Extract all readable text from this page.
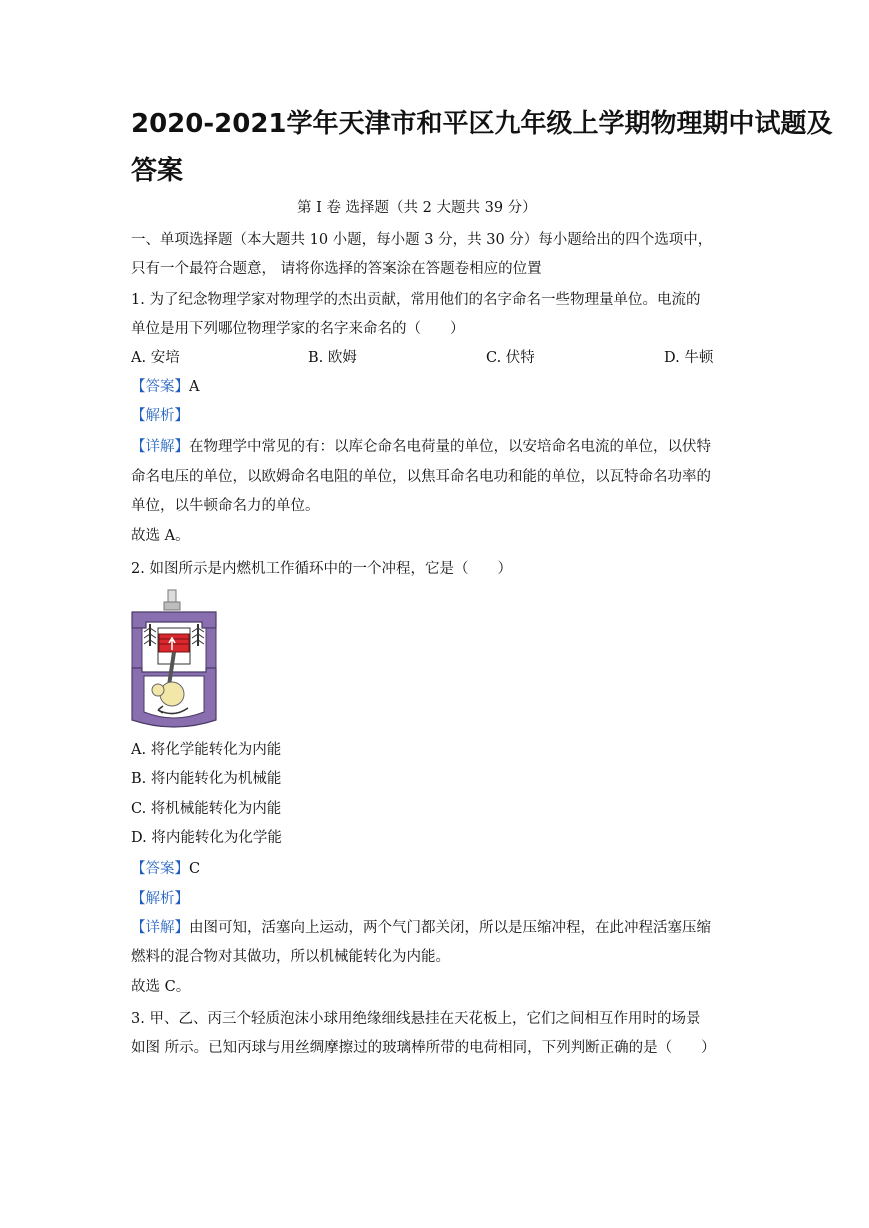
2020-2021学年天津市和平区九年级上学期物理期中试题及
答案
第 Ⅰ 卷 选择题（共 2 大题共 39 分）
一、单项选择题（本大题共 10 小题，每小题 3 分，共 30 分）每小题给出的四个选项中，
只有一个最符合题意， 请将你选择的答案涂在答题卷相应的位置
1. 为了纪念物理学家对物理学的杰出贡献，常用他们的名字命名一些物理量单位。电流的
单位是用下列哪位物理学家的名字来命名的（　　）
A. 安培	B. 欧姆	C. 伏特	D. 牛顿
【答案】A
【解析】
【详解】在物理学中常见的有：以库仑命名电荷量的单位，以安培命名电流的单位，以伏特
命名电压的单位，以欧姆命名电阻的单位，以焦耳命名电功和能的单位，以瓦特命名功率的
单位，以牛顿命名力的单位。
故选 A。
2. 如图所示是内燃机工作循环中的一个冲程，它是（　　）
A. 将化学能转化为内能
B. 将内能转化为机械能
C. 将机械能转化为内能
D. 将内能转化为化学能
【答案】C
【解析】
【详解】由图可知，活塞向上运动，两个气门都关闭，所以是压缩冲程，在此冲程活塞压缩
燃料的混合物对其做功，所以机械能转化为内能。
故选 C。
3. 甲、乙、丙三个轻质泡沫小球用绝缘细线悬挂在天花板上，它们之间相互作用时的场景
如图 所示。已知丙球与用丝绸摩擦过的玻璃棒所带的电荷相同，下列判断正确的是（　　）
